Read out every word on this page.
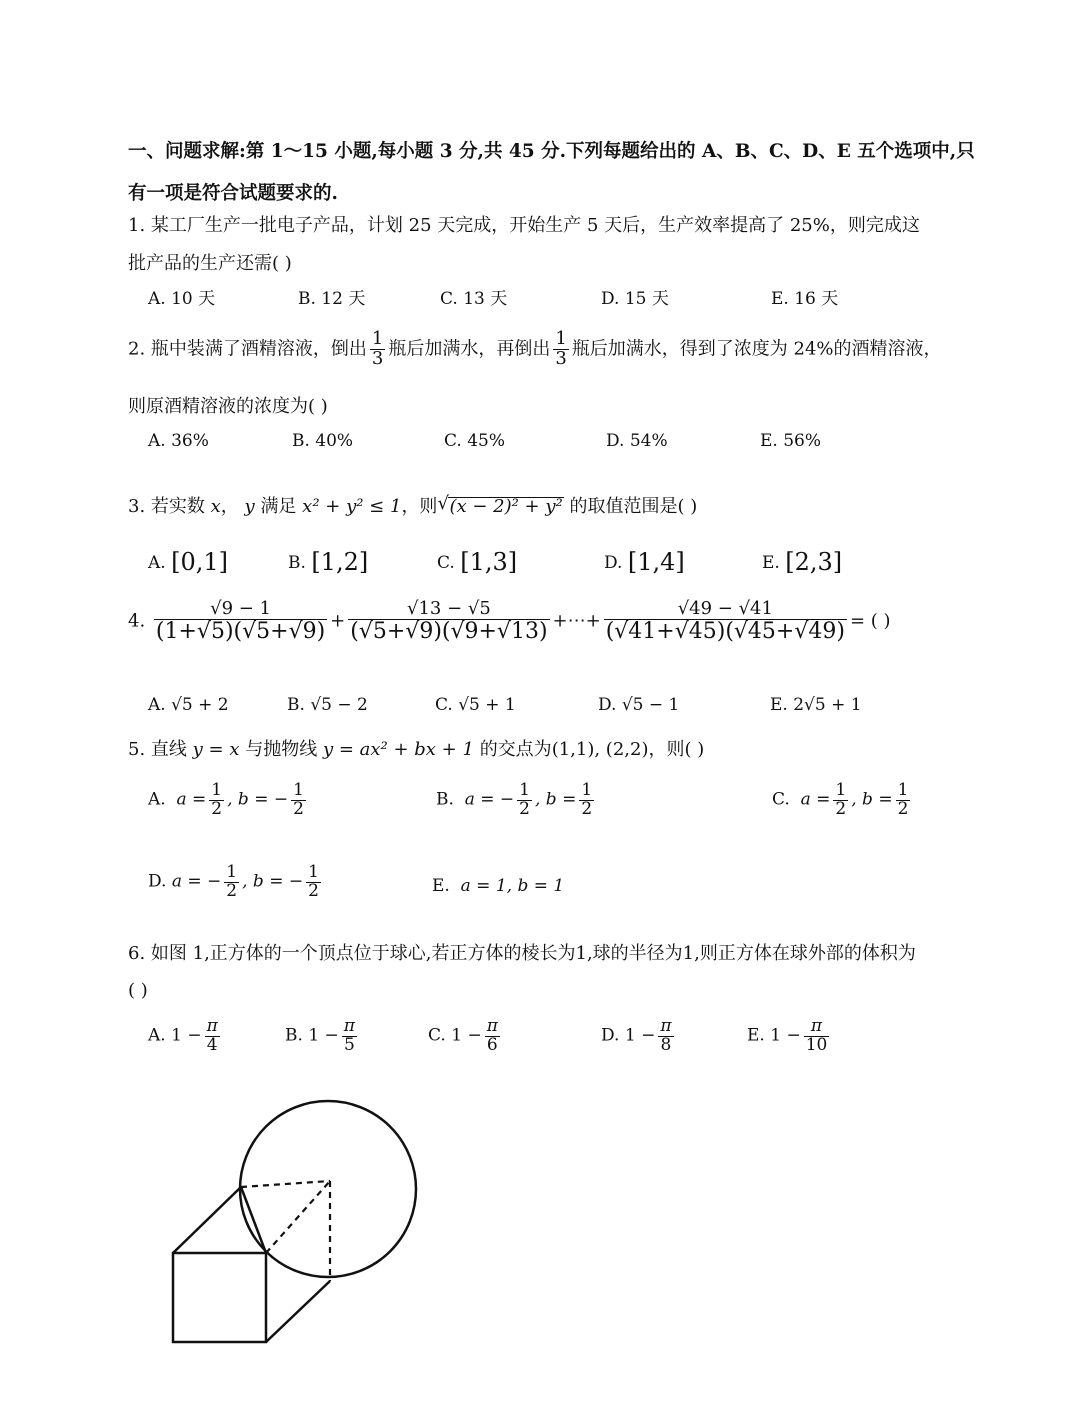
一、问题求解:第 1～15 小题,每小题 3 分,共 45 分.下列每题给出的 A、B、C、D、E 五个选项中,只
有一项是符合试题要求的.
1. 某工厂生产一批电子产品，计划 25 天完成，开始生产 5 天后，生产效率提高了 25%，则完成这
批产品的生产还需( )
A. 10 天	B. 12 天	C. 13 天	D. 15 天	E. 16 天
2. 瓶中装满了酒精溶液，倒出 $\frac{1}{3}$ 瓶后加满水，再倒出 $\frac{1}{3}$ 瓶后加满水，得到了浓度为 24%的酒精溶液，
则原酒精溶液的浓度为( )
A. 36%	B. 40%	C. 45%	D. 54%	E. 56%
3. 若实数 x， y 满足 x² + y² ≤ 1，则√ (x − 2)² + y² 的取值范围是( )
A. [0,1]	B. [1,2]	C. [1,3]	D. [1,4]	E. [2,3]
4. $\frac{√9 - 1}{(1+√5)(√5+√9)} + \frac{√13 - √5}{(√5+√9)(√9+√13)}$ +⋯+ $\frac{√49 - √41}{(√41+√45)(√45+√49)}$ = ( )
A. √5 + 2	B. √5 − 2	C. √5 + 1	D. √5 − 1	E. 2√5 + 1
5. 直线 y = x 与抛物线 y = ax² + bx + 1 的交点为(1,1), (2,2)，则( )
A. $a = \frac{1}{2}$ , b = − $\frac{1}{2}$	B. a = − $\frac{1}{2}$ , $b = \frac{1}{2}$	C. $a = \frac{1}{2}$ , $b = \frac{1}{2}$
D. a = − $\frac{1}{2}$ , b = − $\frac{1}{2}$	E. a = 1, b = 1
6. 如图 1,正方体的一个顶点位于球心,若正方体的棱长为1,球的半径为1,则正方体在球外部的体积为
( )
A. $1 - \frac{\pi}{4}$	B. $1 - \frac{\pi}{5}$	C. $1 - \frac{\pi}{6}$	D. $1 - \frac{\pi}{8}$	E. $1 - \frac{\pi}{10}$
